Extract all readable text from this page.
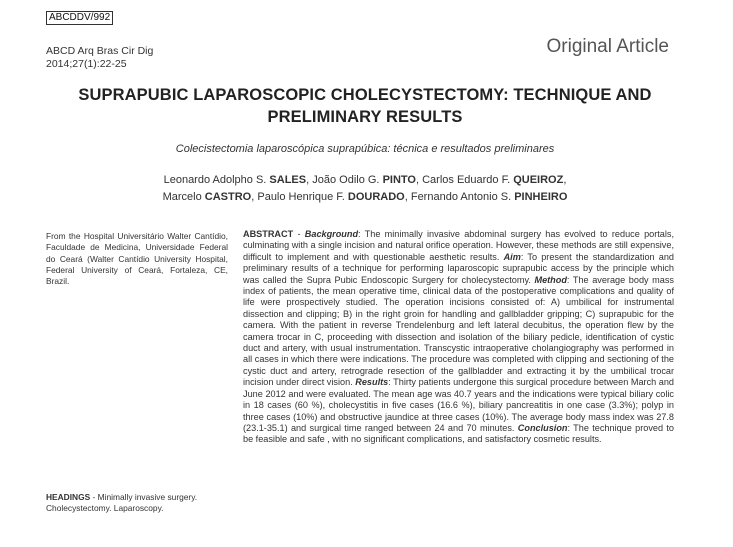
ABCDDV/992
ABCD Arq Bras Cir Dig
2014;27(1):22-25
Original Article
SUPRAPUBIC LAPAROSCOPIC CHOLECYSTECTOMY: TECHNIQUE AND PRELIMINARY RESULTS
Colecistectomia laparoscópica suprapúbica: técnica e resultados preliminares
Leonardo Adolpho S. SALES, João Odilo G. PINTO, Carlos Eduardo F. QUEIROZ,
Marcelo CASTRO, Paulo Henrique F. DOURADO, Fernando Antonio S. PINHEIRO
From the Hospital Universitário Walter Cantídio, Faculdade de Medicina, Universidade Federal do Ceará (Walter Cantídio University Hospital, Federal University of Ceará, Fortaleza, CE, Brazil.
HEADINGS - Minimally invasive surgery. Cholecystectomy. Laparoscopy.
ABSTRACT - Background: The minimally invasive abdominal surgery has evolved to reduce portals, culminating with a single incision and natural orifice operation. However, these methods are still expensive, difficult to implement and with questionable aesthetic results. Aim: To present the standardization and preliminary results of a technique for performing laparoscopic suprapubic access by the principle which was called the Supra Pubic Endoscopic Surgery for cholecystectomy. Method: The average body mass index of patients, the mean operative time, clinical data of the postoperative complications and quality of life were prospectively studied. The operation incisions consisted of: A) umbilical for instrumental dissection and clipping; B) in the right groin for handling and gallbladder gripping; C) suprapubic for the camera. With the patient in reverse Trendelenburg and left lateral decubitus, the operation flew by the camera trocar in C, proceeding with dissection and isolation of the biliary pedicle, identification of cystic duct and artery, with usual instrumentation. Transcystic intraoperative cholangiography was performed in all cases in which there were indications. The procedure was completed with clipping and sectioning of the cystic duct and artery, retrograde resection of the gallbladder and extracting it by the umbilical trocar incision under direct vision. Results: Thirty patients undergone this surgical procedure between March and June 2012 and were evaluated. The mean age was 40.7 years and the indications were typical biliary colic in 18 cases (60 %), cholecystitis in five cases (16.6 %), biliary pancreatitis in one case (3.3%); polyp in three cases (10%) and obstructive jaundice at three cases (10%). The average body mass index was 27.8 (23.1-35.1) and surgical time ranged between 24 and 70 minutes. Conclusion: The technique proved to be feasible and safe , with no significant complications, and satisfactory cosmetic results.
